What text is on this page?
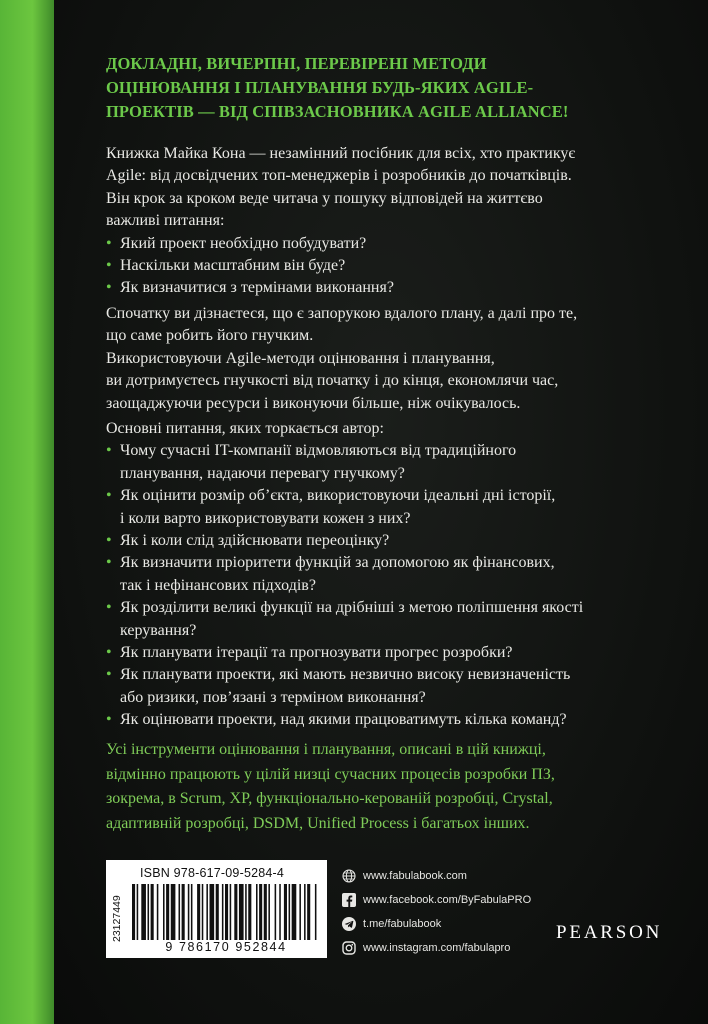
ДОКЛАДНІ, ВИЧЕРПНІ, ПЕРЕВІРЕНІ МЕТОДИ
ОЦІНЮВАННЯ І ПЛАНУВАННЯ БУДЬ-ЯКИХ AGILE-
ПРОЕКТІВ — ВІД СПІВЗАСНОВНИКА AGILE ALLIANCE!
Книжка Майка Кона — незамінний посібник для всіх, хто практикує
Agile: від досвідчених топ-менеджерів і розробників до початківців.
Він крок за кроком веде читача у пошуку відповідей на життєво
важливі питання:
• Який проект необхідно побудувати?
• Наскільки масштабним він буде?
• Як визначитися з термінами виконання?
Спочатку ви дізнаєтеся, що є запорукою вдалого плану, а далі про те,
що саме робить його гнучким.
Використовуючи Agile-методи оцінювання і планування,
ви дотримуєтесь гнучкості від початку і до кінця, економлячи час,
заощаджуючи ресурси і виконуючи більше, ніж очікувалось.
Основні питання, яких торкається автор:
• Чому сучасні IT-компанії відмовляються від традиційного
планування, надаючи перевагу гнучкому?
• Як оцінити розмір об’єкта, використовуючи ідеальні дні історії,
і коли варто використовувати кожен з них?
• Як і коли слід здійснювати переоцінку?
• Як визначити пріоритети функцій за допомогою як фінансових,
так і нефінансових підходів?
• Як розділити великі функції на дрібніші з метою поліпшення якості
керування?
• Як планувати ітерації та прогнозувати прогрес розробки?
• Як планувати проекти, які мають незвично високу невизначеність
або ризики, пов’язані з терміном виконання?
• Як оцінювати проекти, над якими працюватимуть кілька команд?
Усі інструменти оцінювання і планування, описані в цій книжці,
відмінно працюють у цілій низці сучасних процесів розробки ПЗ,
зокрема, в Scrum, XP, функціонально-керованій розробці, Crystal,
адаптивній розробці, DSDM, Unified Process і багатьох інших.
ISBN 978-617-09-5284-4
23127449
9 786170 952844
www.fabulabook.com
www.facebook.com/ByFabulaPRO
t.me/fabulabook
www.instagram.com/fabulapro
PEARSON
